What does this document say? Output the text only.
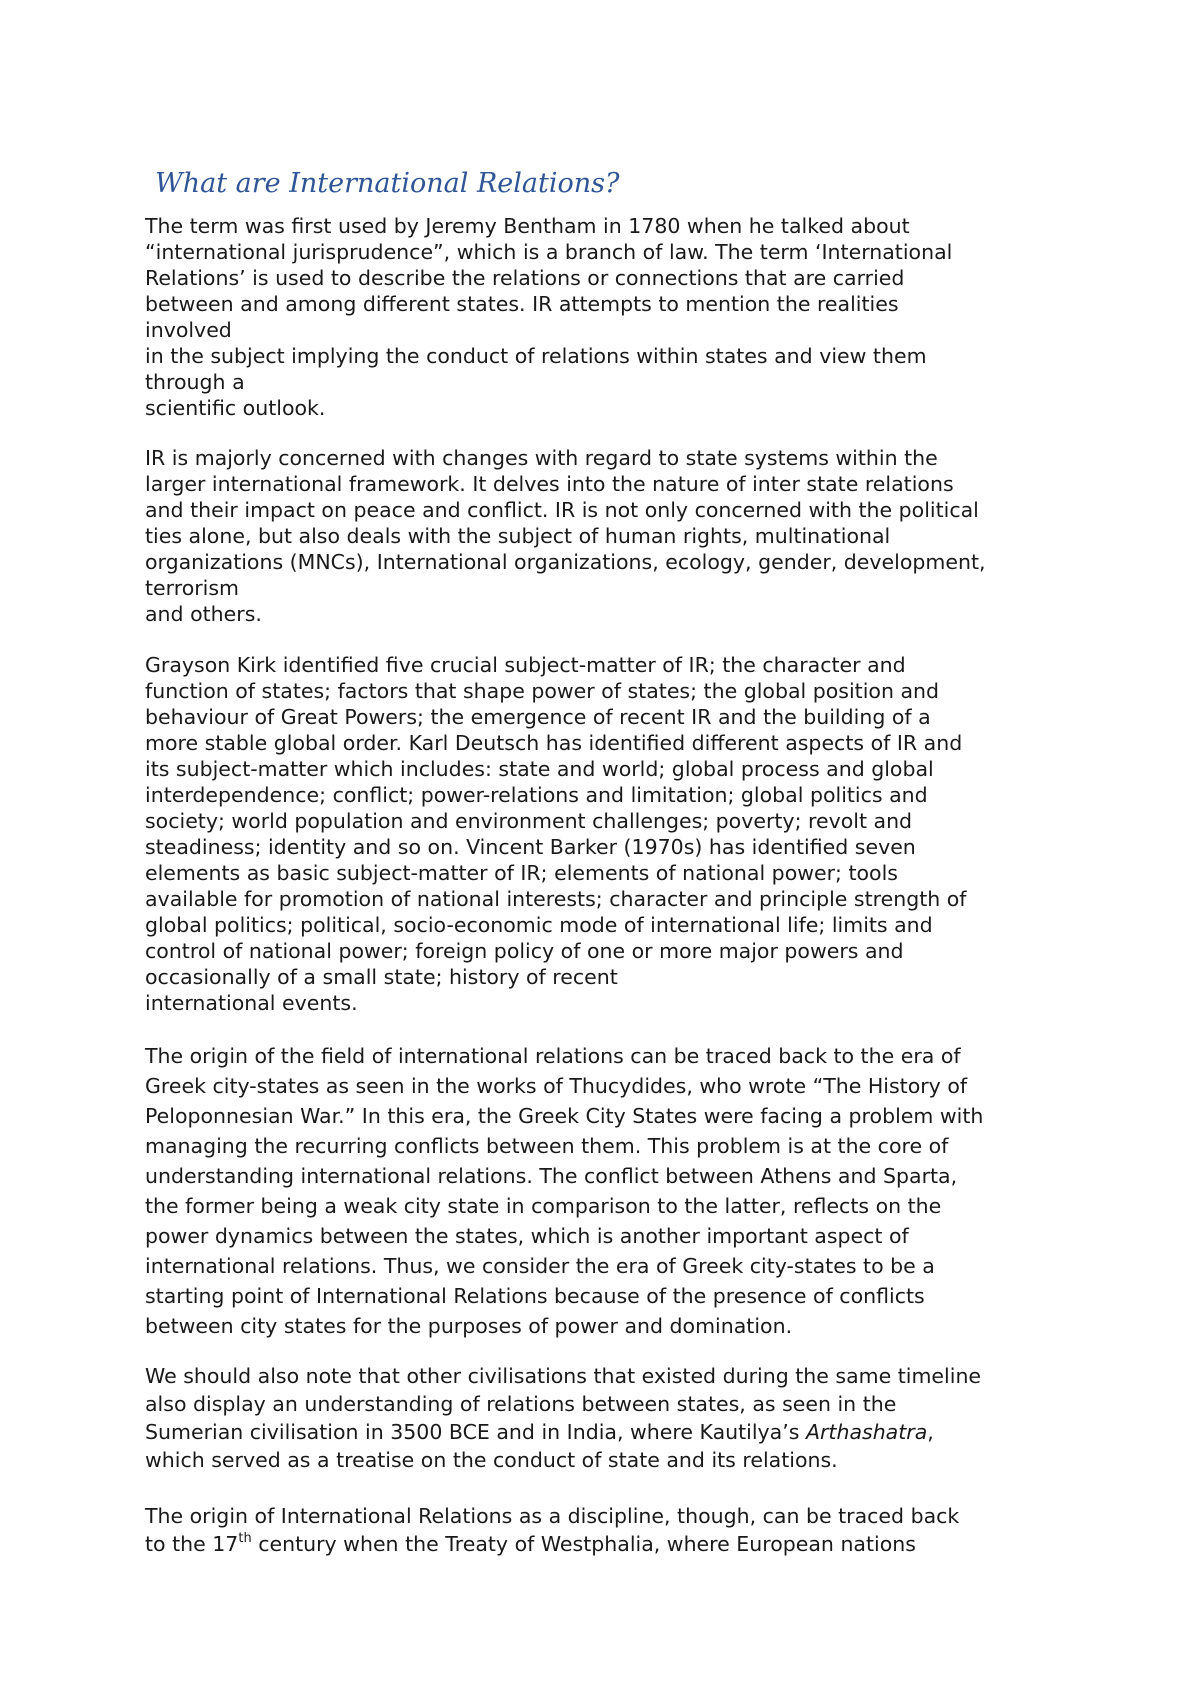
What are International Relations?

The term was first used by Jeremy Bentham in 1780 when he talked about
“international jurisprudence”, which is a branch of law. The term ‘International
Relations’ is used to describe the relations or connections that are carried
between and among different states. IR attempts to mention the realities
involved
in the subject implying the conduct of relations within states and view them
through a
scientific outlook.

IR is majorly concerned with changes with regard to state systems within the
larger international framework. It delves into the nature of inter state relations
and their impact on peace and conflict. IR is not only concerned with the political
ties alone, but also deals with the subject of human rights, multinational
organizations (MNCs), International organizations, ecology, gender, development,
terrorism
and others.

Grayson Kirk identified five crucial subject-matter of IR; the character and
function of states; factors that shape power of states; the global position and
behaviour of Great Powers; the emergence of recent IR and the building of a
more stable global order. Karl Deutsch has identified different aspects of IR and
its subject-matter which includes: state and world; global process and global
interdependence; conflict; power-relations and limitation; global politics and
society; world population and environment challenges; poverty; revolt and
steadiness; identity and so on. Vincent Barker (1970s) has identified seven
elements as basic subject-matter of IR; elements of national power; tools
available for promotion of national interests; character and principle strength of
global politics; political, socio-economic mode of international life; limits and
control of national power; foreign policy of one or more major powers and
occasionally of a small state; history of recent
international events.

The origin of the field of international relations can be traced back to the era of
Greek city-states as seen in the works of Thucydides, who wrote “The History of
Peloponnesian War.” In this era, the Greek City States were facing a problem with
managing the recurring conflicts between them. This problem is at the core of
understanding international relations. The conflict between Athens and Sparta,
the former being a weak city state in comparison to the latter, reflects on the
power dynamics between the states, which is another important aspect of
international relations. Thus, we consider the era of Greek city-states to be a
starting point of International Relations because of the presence of conflicts
between city states for the purposes of power and domination.

We should also note that other civilisations that existed during the same timeline
also display an understanding of relations between states, as seen in the
Sumerian civilisation in 3500 BCE and in India, where Kautilya’s Arthashatra,
which served as a treatise on the conduct of state and its relations.

The origin of International Relations as a discipline, though, can be traced back
to the 17th century when the Treaty of Westphalia, where European nations
